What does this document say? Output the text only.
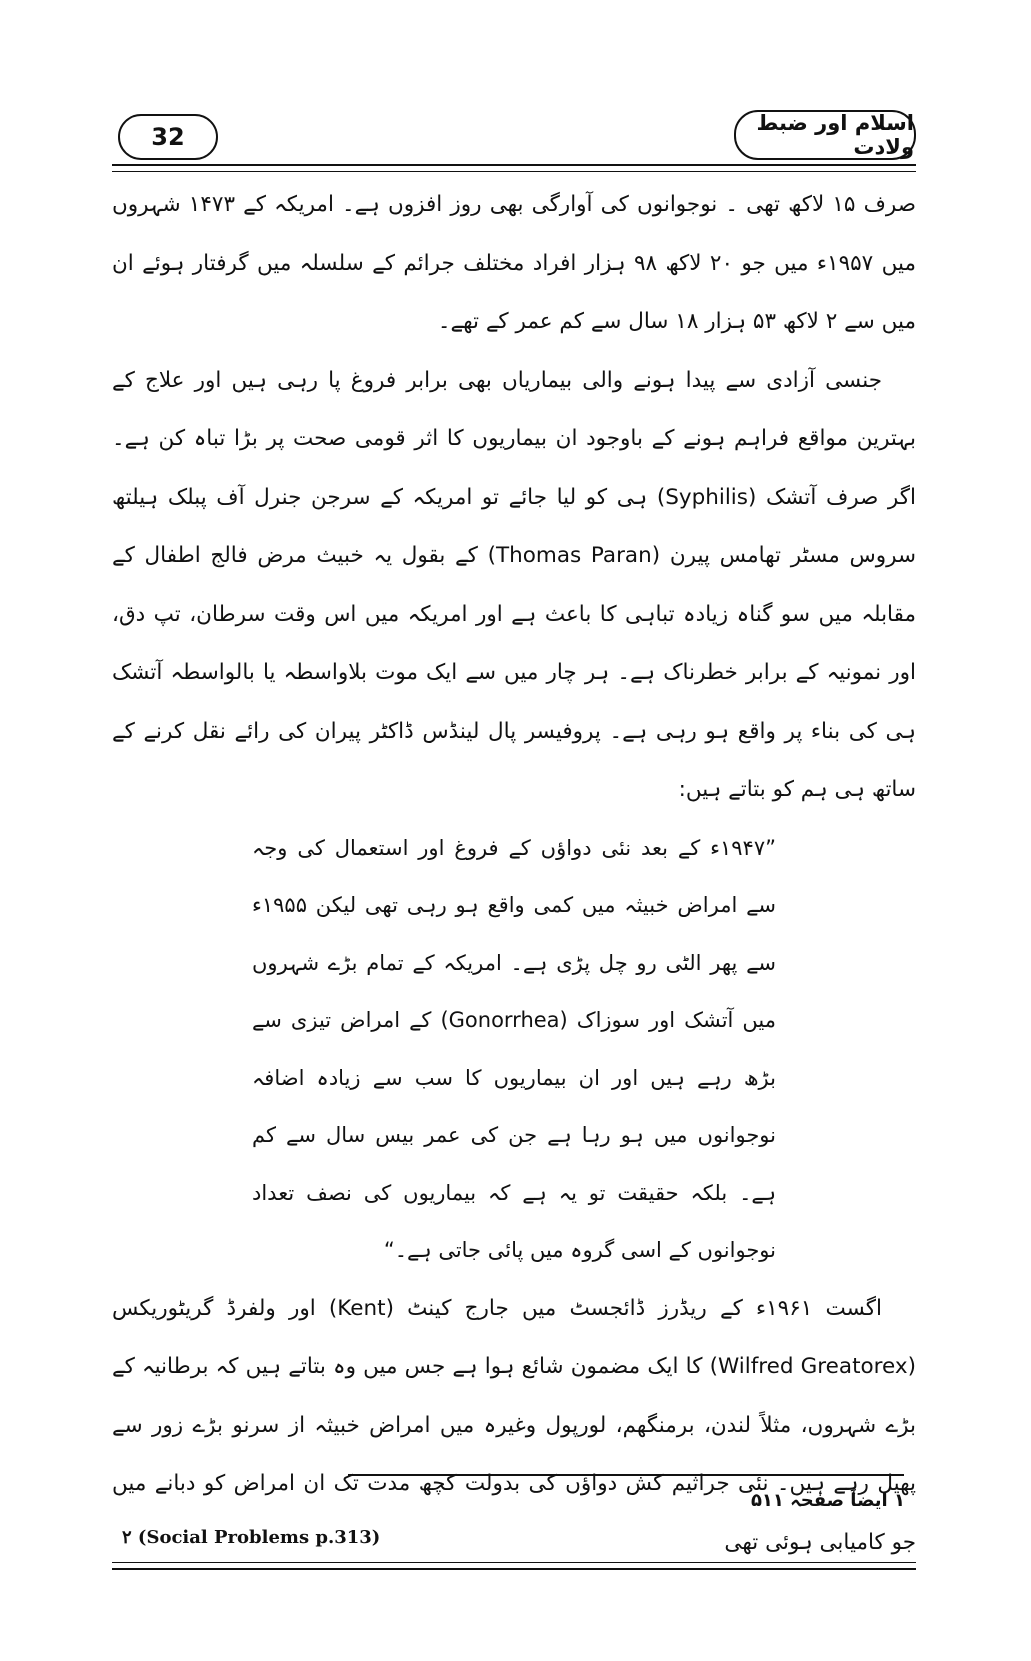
32	اسلام اور ضبط ولادت

صرف ۱۵ لاکھ تھی ۔ نوجوانوں کی آوارگی بھی روز افزوں ہے۔ امریکہ کے ۱۴۷۳ شہروں میں ۱۹۵۷ء میں جو ۲۰ لاکھ ۹۸ ہزار افراد مختلف جرائم کے سلسلہ میں گرفتار ہوئے ان میں سے ۲ لاکھ ۵۳ ہزار ۱۸ سال سے کم عمر کے تھے۔

جنسی آزادی سے پیدا ہونے والی بیماریاں بھی برابر فروغ پا رہی ہیں اور علاج کے بہترین مواقع فراہم ہونے کے باوجود ان بیماریوں کا اثر قومی صحت پر بڑا تباہ کن ہے۔ اگر صرف آتشک (Syphilis) ہی کو لیا جائے تو امریکہ کے سرجن جنرل آف پبلک ہیلتھ سروس مسٹر تھامس پیرن (Thomas Paran) کے بقول یہ خبیث مرض فالج اطفال کے مقابلہ میں سو گناہ زیادہ تباہی کا باعث ہے اور امریکہ میں اس وقت سرطان، تپ دق، اور نمونیہ کے برابر خطرناک ہے۔ ہر چار میں سے ایک موت بلاواسطہ یا بالواسطہ آتشک ہی کی بناء پر واقع ہو رہی ہے۔ پروفیسر پال لینڈس ڈاکٹر پیران کی رائے نقل کرنے کے ساتھ ہی ہم کو بتاتے ہیں:

”۱۹۴۷ء کے بعد نئی دواؤں کے فروغ اور استعمال کی وجہ سے امراض خبیثہ میں کمی واقع ہو رہی تھی لیکن ۱۹۵۵ء سے پھر الٹی رو چل پڑی ہے۔ امریکہ کے تمام بڑے شہروں میں آتشک اور سوزاک (Gonorrhea) کے امراض تیزی سے بڑھ رہے ہیں اور ان بیماریوں کا سب سے زیادہ اضافہ نوجوانوں میں ہو رہا ہے جن کی عمر بیس سال سے کم ہے۔ بلکہ حقیقت تو یہ ہے کہ بیماریوں کی نصف تعداد نوجوانوں کے اسی گروہ میں پائی جاتی ہے۔“

اگست ۱۹۶۱ء کے ریڈرز ڈائجسٹ میں جارج کینٹ (Kent) اور ولفرڈ گریٹوریکس (Wilfred Greatorex) کا ایک مضمون شائع ہوا ہے جس میں وہ بتاتے ہیں کہ برطانیہ کے بڑے شہروں، مثلاً لندن، برمنگھم، لورپول وغیرہ میں امراض خبیثہ از سرنو بڑے زور سے پھیل رہے ہیں۔ نئی جراثیم کش دواؤں کی بدولت کچھ مدت تک ان امراض کو دبانے میں جو کامیابی ہوئی تھی

۱ ایضاً صفحہ ۵۱۱
۲ (Social Problems p.313)
